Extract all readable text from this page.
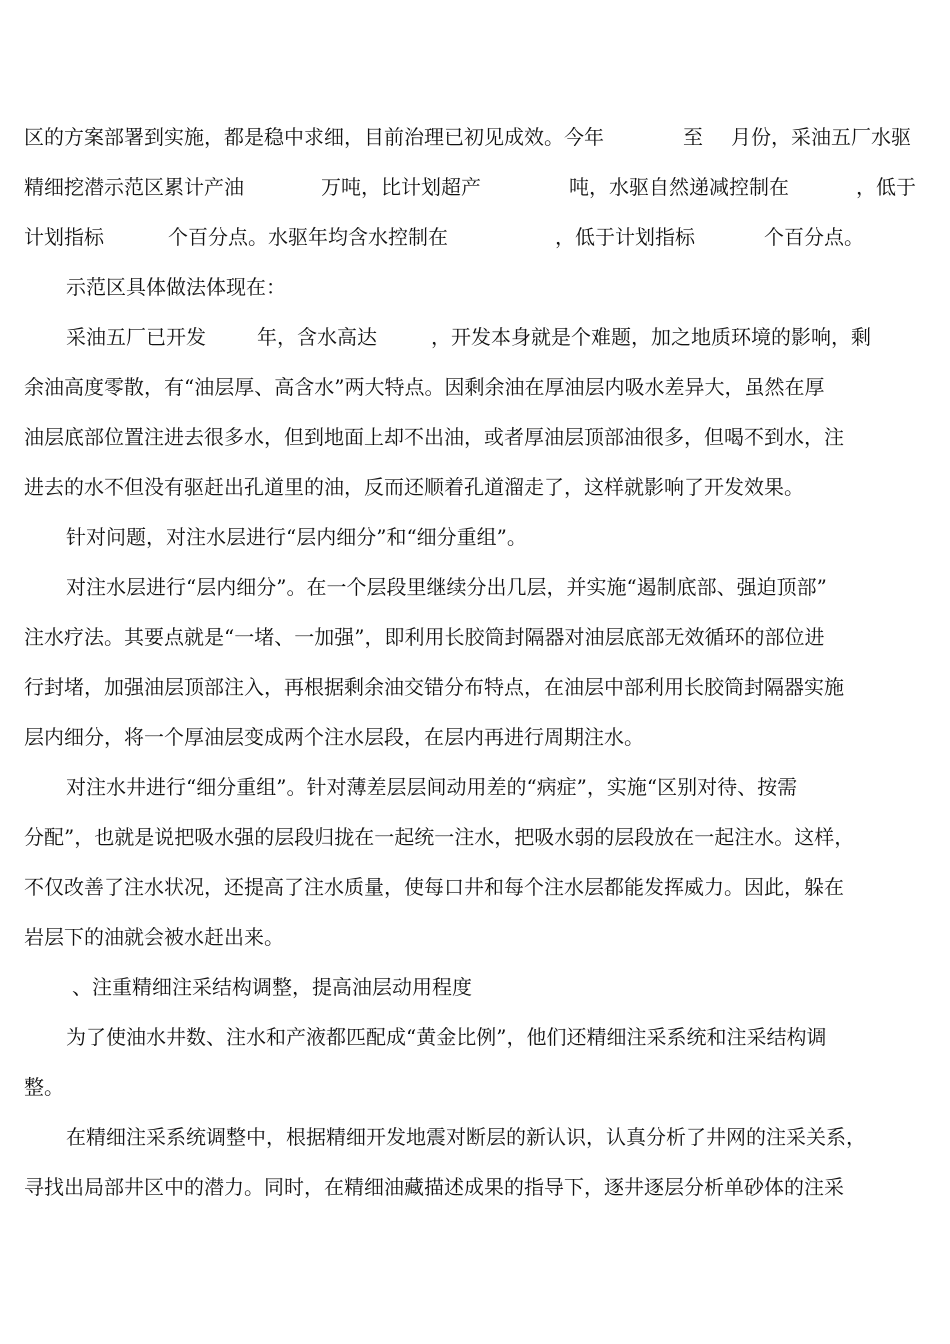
区的方案部署到实施，都是稳中求细，目前治理已初见成效。今年

	至

月份，采油五厂水驱

精细挖潜示范区累计产油

	万吨，比计划超产

	吨，水驱自然递减控制在

	，低于

计划指标

	个百分点。水驱年均含水控制在

	，低于计划指标

	个百分点。

示范区具体做法体现在：

采油五厂已开发

	年，含水高达

	，开发本身就是个难题，加之地质环境的影响，剩

余油高度零散，有“油层厚、高含水”两大特点。因剩余油在厚油层内吸水差异大，虽然在厚

油层底部位置注进去很多水，但到地面上却不出油，或者厚油层顶部油很多，但喝不到水，注

进去的水不但没有驱赶出孔道里的油，反而还顺着孔道溜走了，这样就影响了开发效果。

针对问题，对注水层进行“层内细分”和“细分重组”。

对注水层进行“层内细分”。在一个层段里继续分出几层，并实施“遏制底部、强迫顶部”

注水疗法。其要点就是“一堵、一加强”，即利用长胶筒封隔器对油层底部无效循环的部位进

行封堵，加强油层顶部注入，再根据剩余油交错分布特点，在油层中部利用长胶筒封隔器实施

层内细分，将一个厚油层变成两个注水层段，在层内再进行周期注水。

对注水井进行“细分重组”。针对薄差层层间动用差的“病症”，实施“区别对待、按需

分配”，也就是说把吸水强的层段归拢在一起统一注水，把吸水弱的层段放在一起注水。这样，

不仅改善了注水状况，还提高了注水质量，使每口井和每个注水层都能发挥威力。因此，躲在

岩层下的油就会被水赶出来。

、注重精细注采结构调整，提高油层动用程度

为了使油水井数、注水和产液都匹配成“黄金比例”，他们还精细注采系统和注采结构调

整。

在精细注采系统调整中，根据精细开发地震对断层的新认识，认真分析了井网的注采关系，

寻找出局部井区中的潜力。同时，在精细油藏描述成果的指导下，逐井逐层分析单砂体的注采
